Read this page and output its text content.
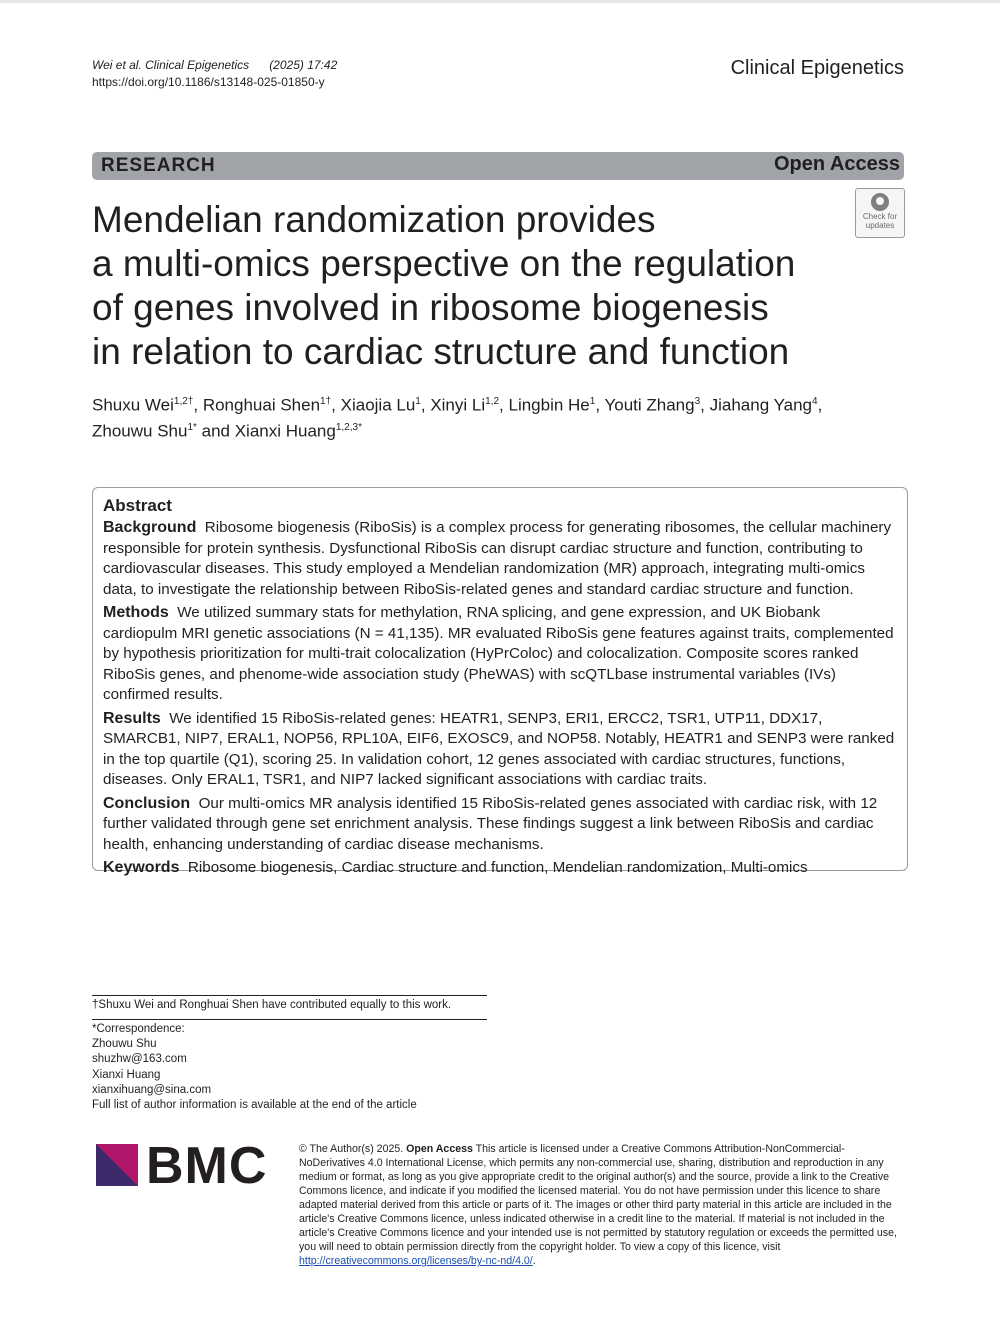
Wei et al. Clinical Epigenetics (2025) 17:42
https://doi.org/10.1186/s13148-025-01850-y
Clinical Epigenetics
RESEARCH	Open Access
Check for
updates
Mendelian randomization provides
a multi-omics perspective on the regulation
of genes involved in ribosome biogenesis
in relation to cardiac structure and function
Shuxu Wei$^{1,2\dagger}$, Ronghuai Shen$^{1\dagger}$, Xiaojia Lu$^1$, Xinyi Li$^{1,2}$, Lingbin He$^1$, Youti Zhang$^3$, Jiahang Yang$^4$,
Zhouwu Shu$^{1*}$ and Xianxi Huang$^{1,2,3*}$
Abstract

Background Ribosome biogenesis (RiboSis) is a complex process for generating ribosomes, the cellular machinery responsible for protein synthesis. Dysfunctional RiboSis can disrupt cardiac structure and function, contributing to cardiovascular diseases. This study employed a Mendelian randomization (MR) approach, integrating multi-omics data, to investigate the relationship between RiboSis-related genes and standard cardiac structure and function.

Methods We utilized summary stats for methylation, RNA splicing, and gene expression, and UK Biobank cardiopulm MRI genetic associations (N = 41,135). MR evaluated RiboSis gene features against traits, complemented by hypothesis prioritization for multi-trait colocalization (HyPrColoc) and colocalization. Composite scores ranked RiboSis genes, and phenome-wide association study (PheWAS) with scQTLbase instrumental variables (IVs) confirmed results.

Results We identified 15 RiboSis-related genes: HEATR1, SENP3, ERI1, ERCC2, TSR1, UTP11, DDX17, SMARCB1, NIP7, ERAL1, NOP56, RPL10A, EIF6, EXOSC9, and NOP58. Notably, HEATR1 and SENP3 were ranked in the top quartile (Q1), scoring 25. In validation cohort, 12 genes associated with cardiac structures, functions, diseases. Only ERAL1, TSR1, and NIP7 lacked significant associations with cardiac traits.

Conclusion Our multi-omics MR analysis identified 15 RiboSis-related genes associated with cardiac risk, with 12 further validated through gene set enrichment analysis. These findings suggest a link between RiboSis and cardiac health, enhancing understanding of cardiac disease mechanisms.

Keywords Ribosome biogenesis, Cardiac structure and function, Mendelian randomization, Multi-omics

†Shuxu Wei and Ronghuai Shen have contributed equally to this work.
*Correspondence:
Zhouwu Shu
shuzhw@163.com
Xianxi Huang
xianxihuang@sina.com
Full list of author information is available at the end of the article
BMC	© The Author(s) 2025. Open Access This article is licensed under a Creative Commons Attribution-NonCommercial-NoDerivatives 4.0 International License, which permits any non-commercial use, sharing, distribution and reproduction in any medium or format, as long as you give appropriate credit to the original author(s) and the source, provide a link to the Creative Commons licence, and indicate if you modified the licensed material. You do not have permission under this licence to share adapted material derived from this article or parts of it. The images or other third party material in this article are included in the article's Creative Commons licence, unless indicated otherwise in a credit line to the material. If material is not included in the article's Creative Commons licence and your intended use is not permitted by statutory regulation or exceeds the permitted use, you will need to obtain permission directly from the copyright holder. To view a copy of this licence, visit http://creativecommons.org/licenses/by-nc-nd/4.0/.
